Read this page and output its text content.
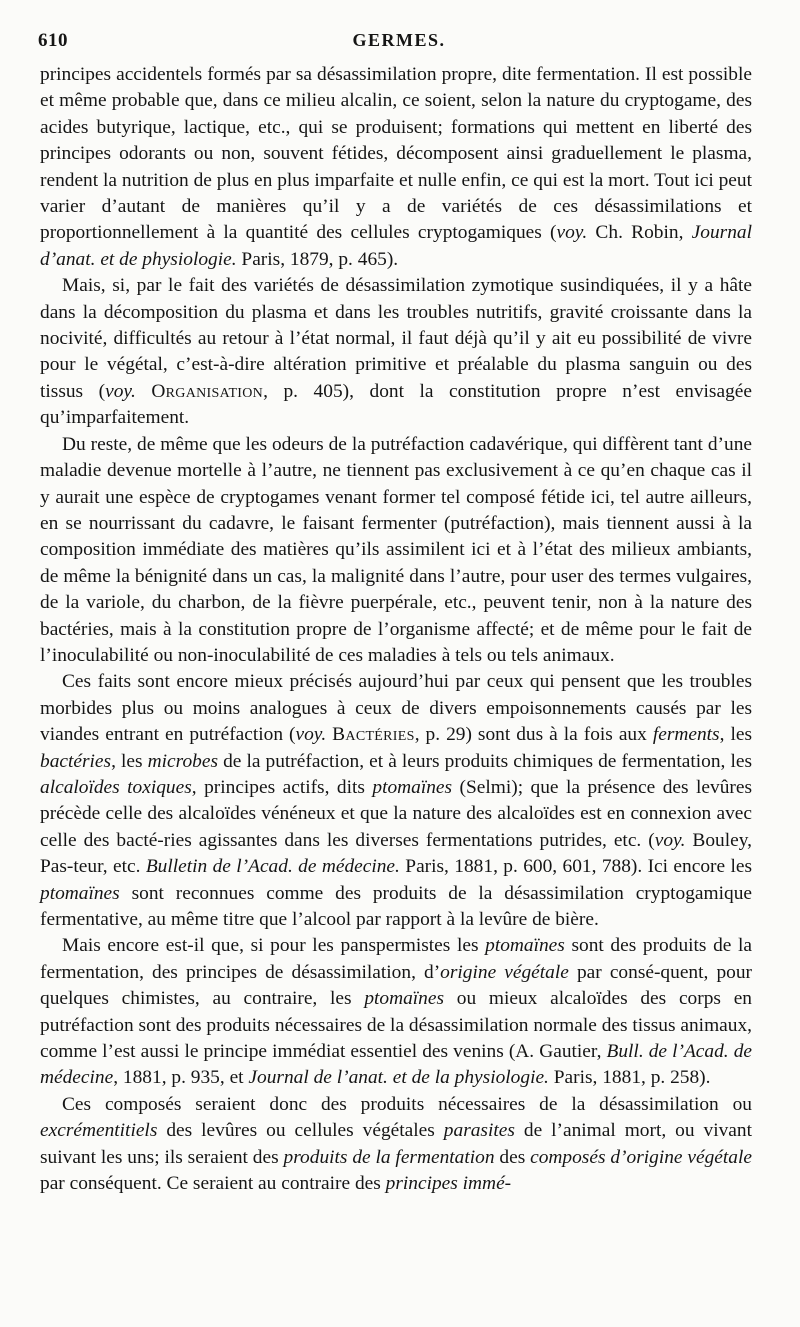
610	GERMES.

principes accidentels formés par sa désassimilation propre, dite fermentation. Il est possible et même probable que, dans ce milieu alcalin, ce soient, selon la nature du cryptogame, des acides butyrique, lactique, etc., qui se produisent; formations qui mettent en liberté des principes odorants ou non, souvent fétides, décomposent ainsi graduellement le plasma, rendent la nutrition de plus en plus imparfaite et nulle enfin, ce qui est la mort. Tout ici peut varier d’autant de manières qu’il y a de variétés de ces désassimilations et proportionnellement à la quantité des cellules cryptogamiques (voy. Ch. Robin, Journal d’anat. et de physiologie. Paris, 1879, p. 465).

Mais, si, par le fait des variétés de désassimilation zymotique susindiquées, il y a hâte dans la décomposition du plasma et dans les troubles nutritifs, gravité croissante dans la nocivité, difficultés au retour à l’état normal, il faut déjà qu’il y ait eu possibilité de vivre pour le végétal, c’est-à-dire altération primitive et préalable du plasma sanguin ou des tissus (voy. Organisation, p. 405), dont la constitution propre n’est envisagée qu’imparfaitement.

Du reste, de même que les odeurs de la putréfaction cadavérique, qui diffèrent tant d’une maladie devenue mortelle à l’autre, ne tiennent pas exclusivement à ce qu’en chaque cas il y aurait une espèce de cryptogames venant former tel composé fétide ici, tel autre ailleurs, en se nourrissant du cadavre, le faisant fermenter (putréfaction), mais tiennent aussi à la composition immédiate des matières qu’ils assimilent ici et à l’état des milieux ambiants, de même la bénignité dans un cas, la malignité dans l’autre, pour user des termes vulgaires, de la variole, du charbon, de la fièvre puerpérale, etc., peuvent tenir, non à la nature des bactéries, mais à la constitution propre de l’organisme affecté; et de même pour le fait de l’inoculabilité ou non-inoculabilité de ces maladies à tels ou tels animaux.

Ces faits sont encore mieux précisés aujourd’hui par ceux qui pensent que les troubles morbides plus ou moins analogues à ceux de divers empoisonnements causés par les viandes entrant en putréfaction (voy. Bactéries, p. 29) sont dus à la fois aux ferments, les bactéries, les microbes de la putréfaction, et à leurs produits chimiques de fermentation, les alcaloïdes toxiques, principes actifs, dits ptomaïnes (Selmi); que la présence des levûres précède celle des alcaloïdes vénéneux et que la nature des alcaloïdes est en connexion avec celle des bacté-ries agissantes dans les diverses fermentations putrides, etc. (voy. Bouley, Pas-teur, etc. Bulletin de l’Acad. de médecine. Paris, 1881, p. 600, 601, 788). Ici encore les ptomaïnes sont reconnues comme des produits de la désassimilation cryptogamique fermentative, au même titre que l’alcool par rapport à la levûre de bière.

Mais encore est-il que, si pour les panspermistes les ptomaïnes sont des produits de la fermentation, des principes de désassimilation, d’origine végétale par consé-quent, pour quelques chimistes, au contraire, les ptomaïnes ou mieux alcaloïdes des corps en putréfaction sont des produits nécessaires de la désassimilation normale des tissus animaux, comme l’est aussi le principe immédiat essentiel des venins (A. Gautier, Bull. de l’Acad. de médecine, 1881, p. 935, et Journal de l’anat. et de la physiologie. Paris, 1881, p. 258).

Ces composés seraient donc des produits nécessaires de la désassimilation ou excrémentitiels des levûres ou cellules végétales parasites de l’animal mort, ou vivant suivant les uns; ils seraient des produits de la fermentation des composés d’origine végétale par conséquent. Ce seraient au contraire des principes immé-
